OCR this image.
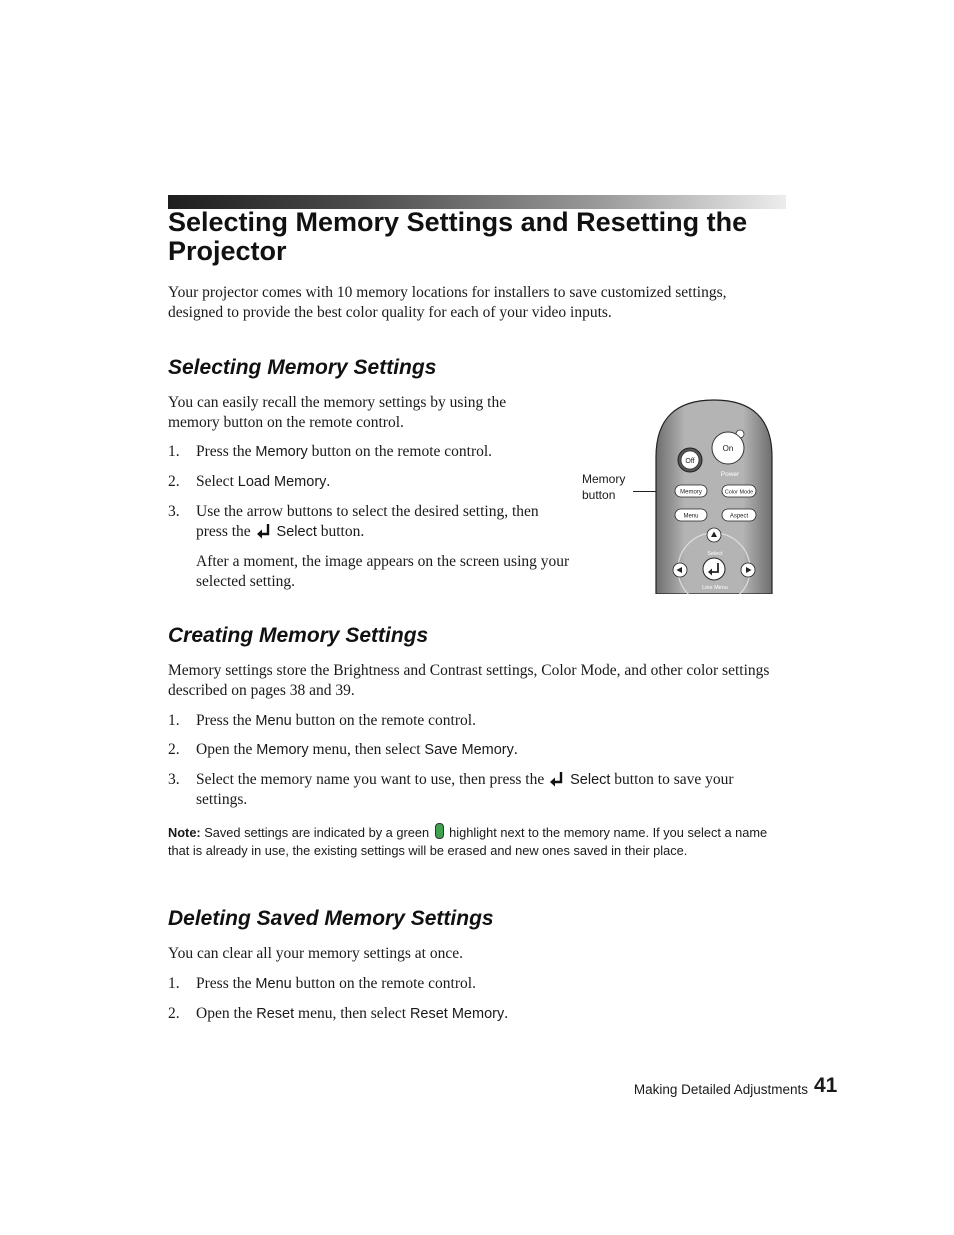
Selecting Memory Settings and Resetting the Projector
Your projector comes with 10 memory locations for installers to save customized settings, designed to provide the best color quality for each of your video inputs.
Selecting Memory Settings
You can easily recall the memory settings by using the memory button on the remote control.
1. Press the Memory button on the remote control.
2. Select Load Memory.
3. Use the arrow buttons to select the desired setting, then press the Select button.
After a moment, the image appears on the screen using your selected setting.
Memory button
On
Off
Power
Memory	Color Mode
Menu	Aspect
Select
Line Menu
Creating Memory Settings
Memory settings store the Brightness and Contrast settings, Color Mode, and other color settings described on pages 38 and 39.
1. Press the Menu button on the remote control.
2. Open the Memory menu, then select Save Memory.
3. Select the memory name you want to use, then press the Select button to save your settings.
Note: Saved settings are indicated by a green  highlight next to the memory name. If you select a name that is already in use, the existing settings will be erased and new ones saved in their place.
Deleting Saved Memory Settings
You can clear all your memory settings at once.
1. Press the Menu button on the remote control.
2. Open the Reset menu, then select Reset Memory.
Making Detailed Adjustments 41
